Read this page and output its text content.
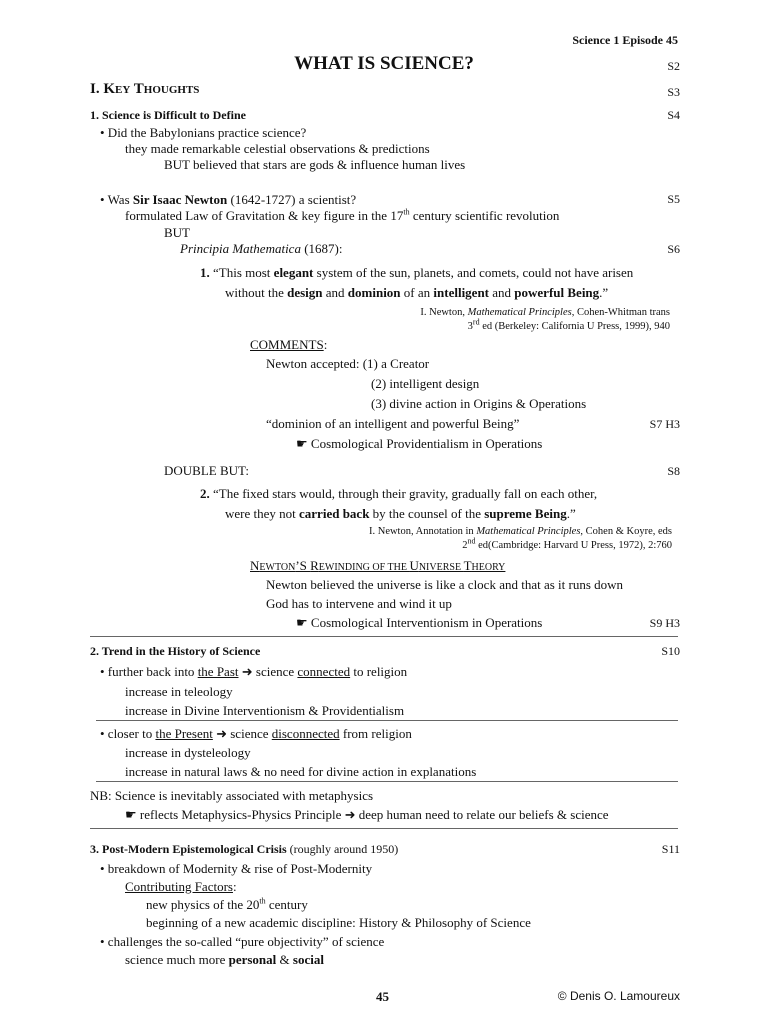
Science 1 Episode 45
WHAT IS SCIENCE?	S2
I. KEY THOUGHTS	S3
1. Science is Difficult to Define	S4
• Did the Babylonians practice science?
they made remarkable celestial observations & predictions
BUT believed that stars are gods & influence human lives
• Was Sir Isaac Newton (1642-1727) a scientist?	S5
formulated Law of Gravitation & key figure in the 17th century scientific revolution
BUT
Principia Mathematica (1687):	S6
1. “This most elegant system of the sun, planets, and comets, could not have arisen
without the design and dominion of an intelligent and powerful Being.”
I. Newton, Mathematical Principles, Cohen-Whitman trans
3rd ed (Berkeley: California U Press, 1999), 940
COMMENTS:
Newton accepted: (1) a Creator
(2) intelligent design
(3) divine action in Origins & Operations
“dominion of an intelligent and powerful Being”	S7 H3
☛ Cosmological Providentialism in Operations
DOUBLE BUT:	S8
2. “The fixed stars would, through their gravity, gradually fall on each other,
were they not carried back by the counsel of the supreme Being.”
I. Newton, Annotation in Mathematical Principles, Cohen & Koyre, eds
2nd ed(Cambridge: Harvard U Press, 1972), 2:760
NEWTON’S REWINDING OF THE UNIVERSE THEORY
Newton believed the universe is like a clock and that as it runs down
God has to intervene and wind it up
☛ Cosmological Interventionism in Operations	S9 H3
2. Trend in the History of Science	S10
• further back into the Past ➜ science connected to religion
increase in teleology
increase in Divine Interventionism & Providentialism
• closer to the Present ➜ science disconnected from religion
increase in dysteleology
increase in natural laws & no need for divine action in explanations
NB: Science is inevitably associated with metaphysics
☛ reflects Metaphysics-Physics Principle ➜ deep human need to relate our beliefs & science
3. Post-Modern Epistemological Crisis (roughly around 1950)	S11
• breakdown of Modernity & rise of Post-Modernity
Contributing Factors:
new physics of the 20th century
beginning of a new academic discipline: History & Philosophy of Science
• challenges the so-called “pure objectivity” of science
science much more personal & social
45	© Denis O. Lamoureux
